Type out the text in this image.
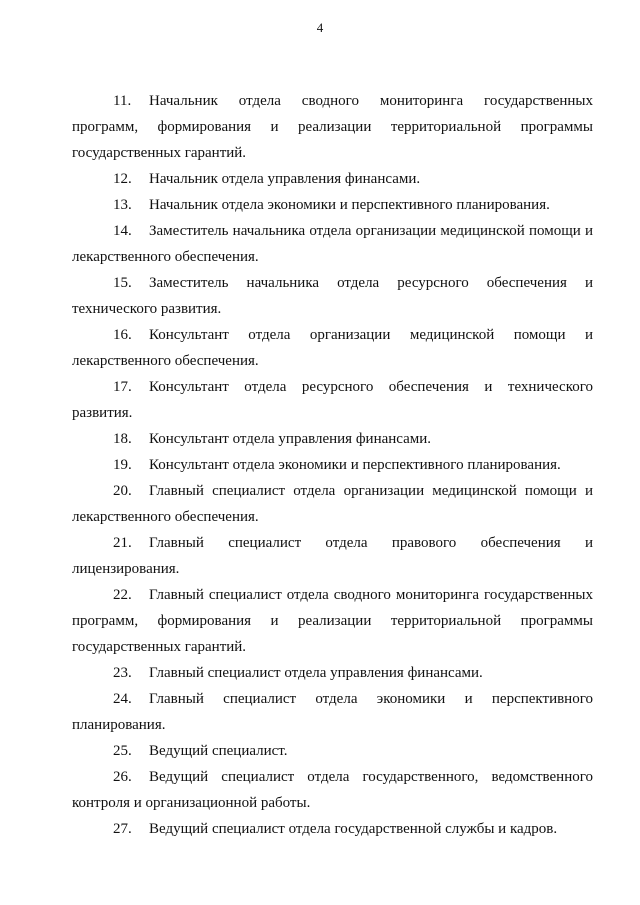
4

11. Начальник отдела сводного мониторинга государственных программ, формирования и реализации территориальной программы государственных гарантий.

12. Начальник отдела управления финансами.

13. Начальник отдела экономики и перспективного планирования.

14. Заместитель начальника отдела организации медицинской помощи и лекарственного обеспечения.

15. Заместитель начальника отдела ресурсного обеспечения и технического развития.

16. Консультант отдела организации медицинской помощи и лекарственного обеспечения.

17. Консультант отдела ресурсного обеспечения и технического развития.

18. Консультант отдела управления финансами.

19. Консультант отдела экономики и перспективного планирования.

20. Главный специалист отдела организации медицинской помощи и лекарственного обеспечения.

21. Главный специалист отдела правового обеспечения и лицензирования.

22. Главный специалист отдела сводного мониторинга государственных программ, формирования и реализации территориальной программы государственных гарантий.

23. Главный специалист отдела управления финансами.

24. Главный специалист отдела экономики и перспективного планирования.

25. Ведущий специалист.

26. Ведущий специалист отдела государственного, ведомственного контроля и организационной работы.

27. Ведущий специалист отдела государственной службы и кадров.
